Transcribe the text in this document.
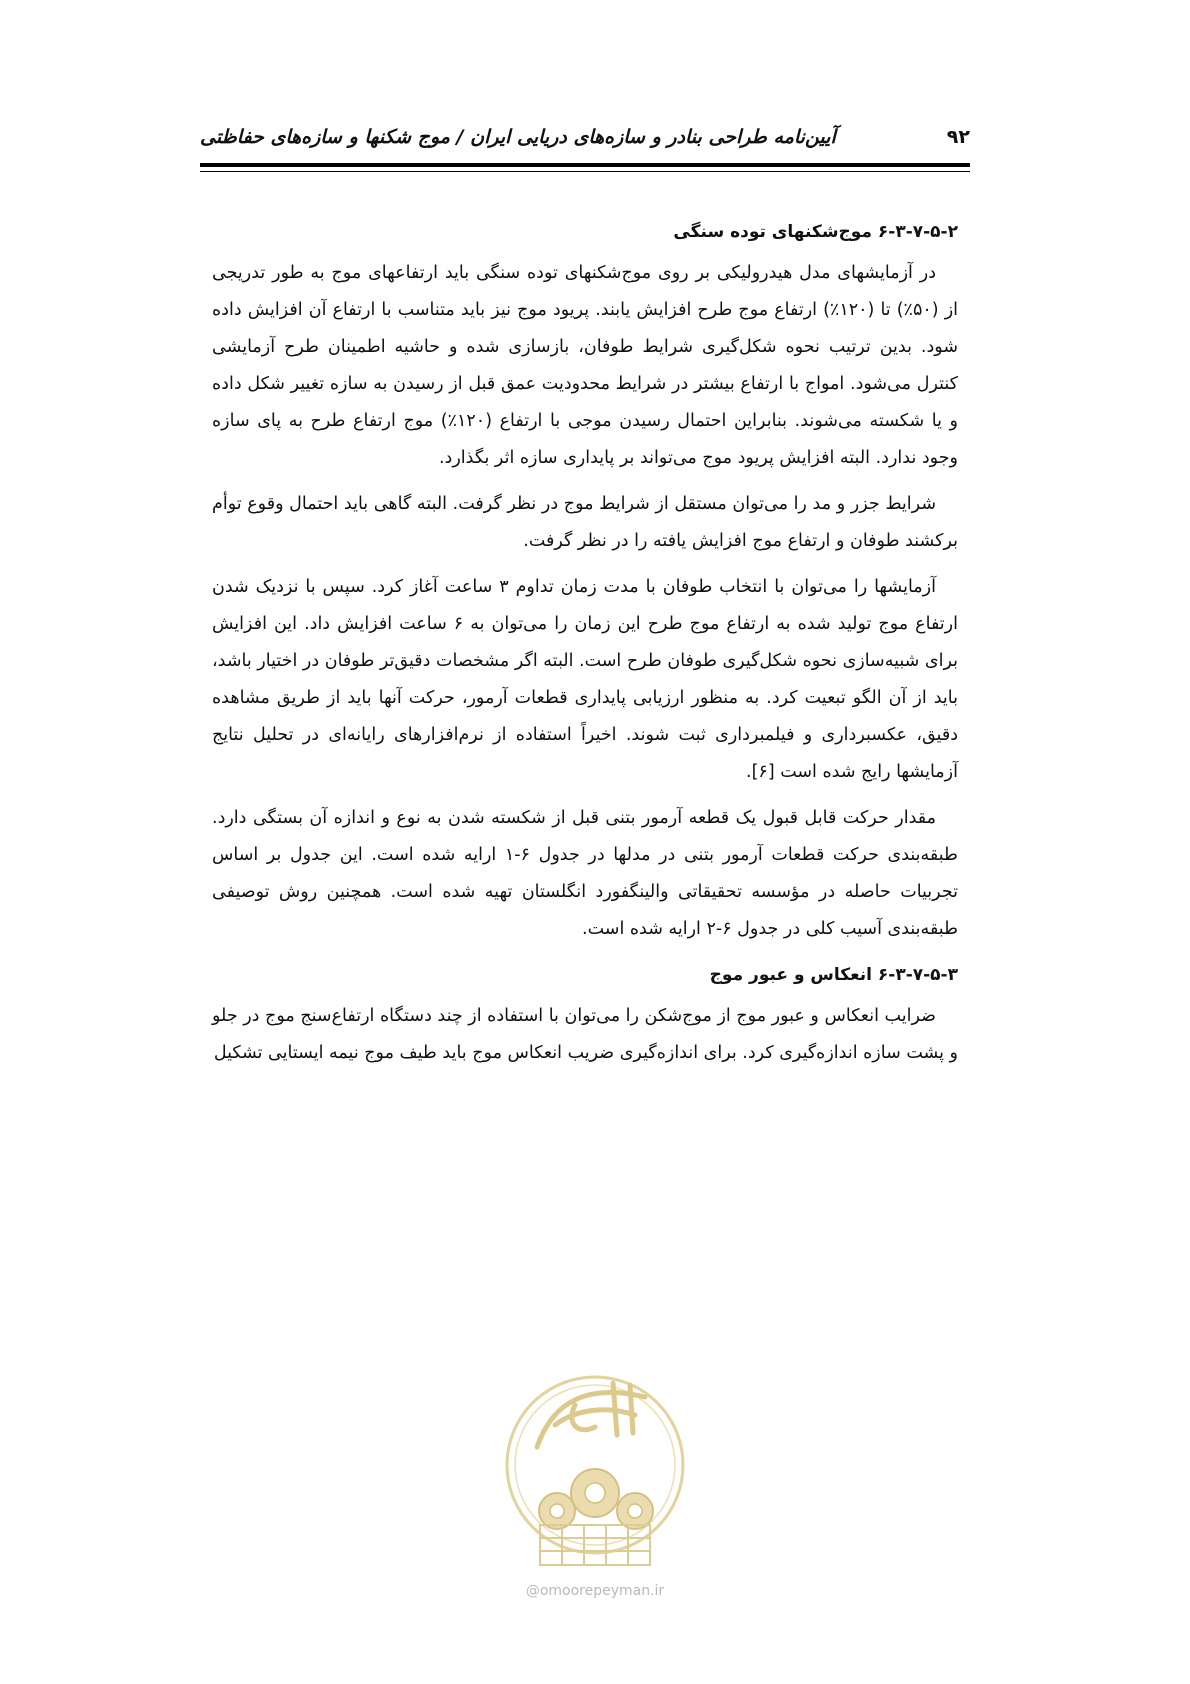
۹۲
آیین‌نامه طراحی بنادر و سازه‌های دریایی ایران / موج شکنها و سازه‌های حفاظتی
۶-۳-۷-۵-۲ موج‌شکنهای توده سنگی

در آزمایشهای مدل هیدرولیکی بر روی موج‌شکنهای توده سنگی باید ارتفاعهای موج به طور تدریجی از (۵۰٪) تا (۱۲۰٪) ارتفاع موج طرح افزایش یابند. پریود موج نیز باید متناسب با ارتفاع آن افزایش داده شود. بدین ترتیب نحوه شکل‌گیری شرایط طوفان، بازسازی شده و حاشیه اطمینان طرح آزمایشی کنترل می‌شود. امواج با ارتفاع بیشتر در شرایط محدودیت عمق قبل از رسیدن به سازه تغییر شکل داده و یا شکسته می‌شوند. بنابراین احتمال رسیدن موجی با ارتفاع (۱۲۰٪) موج ارتفاع طرح به پای سازه وجود ندارد. البته افزایش پریود موج می‌تواند بر پایداری سازه اثر بگذارد.

شرایط جزر و مد را می‌توان مستقل از شرایط موج در نظر گرفت. البته گاهی باید احتمال وقوع توأم برکشند طوفان و ارتفاع موج افزایش یافته را در نظر گرفت.

آزمایشها را می‌توان با انتخاب طوفان با مدت زمان تداوم ۳ ساعت آغاز کرد. سپس با نزدیک شدن ارتفاع موج تولید شده به ارتفاع موج طرح این زمان را می‌توان به ۶ ساعت افزایش داد. این افزایش برای شبیه‌سازی نحوه شکل‌گیری طوفان طرح است. البته اگر مشخصات دقیق‌تر طوفان در اختیار باشد، باید از آن الگو تبعیت کرد. به منظور ارزیابی پایداری قطعات آرمور، حرکت آنها باید از طریق مشاهده دقیق، عکسبرداری و فیلمبرداری ثبت شوند. اخیراً استفاده از نرم‌افزارهای رایانه‌ای در تحلیل نتایج آزمایشها رایج شده است [۶].

مقدار حرکت قابل قبول یک قطعه آرمور بتنی قبل از شکسته شدن به نوع و اندازه آن بستگی دارد. طبقه‌بندی حرکت قطعات آرمور بتنی در مدلها در جدول ۶-۱ ارایه شده است. این جدول بر اساس تجربیات حاصله در مؤسسه تحقیقاتی والینگفورد انگلستان تهیه شده است. همچنین روش توصیفی طبقه‌بندی آسیب کلی در جدول ۶-۲ ارایه شده است.

۶-۳-۷-۵-۳ انعکاس و عبور موج

ضرایب انعکاس و عبور موج از موج‌شکن را می‌توان با استفاده از چند دستگاه ارتفاع‌سنج موج در جلو و پشت سازه اندازه‌گیری کرد. برای اندازه‌گیری ضریب انعکاس موج باید طیف موج نیمه ایستایی تشکیل

@omoorepeyman.ir
